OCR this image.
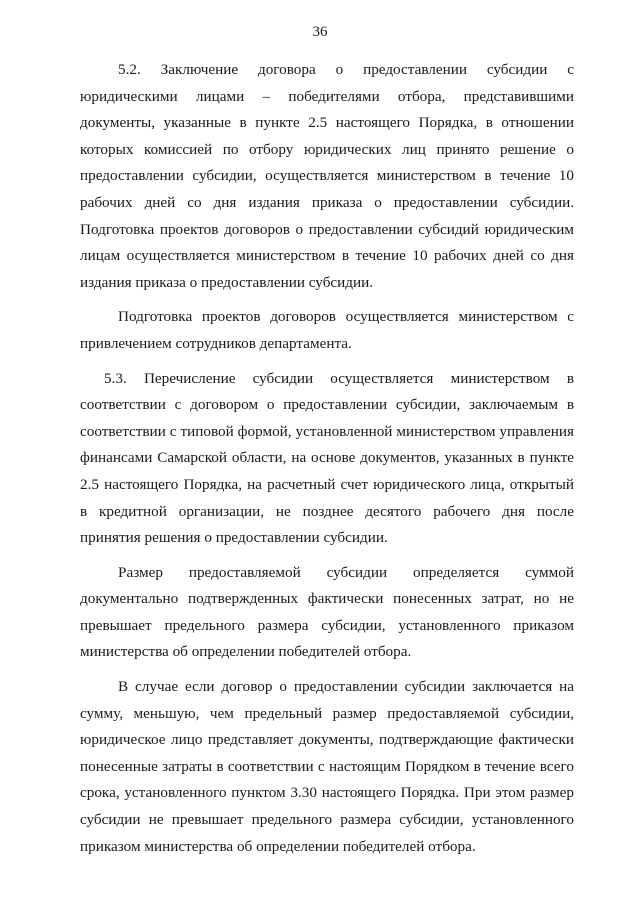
36

5.2. Заключение договора о предоставлении субсидии с юридическими лицами – победителями отбора, представившими документы, указанные в пункте 2.5 настоящего Порядка, в отношении которых комиссией по отбору юридических лиц принято решение о предоставлении субсидии, осуществляется министерством в течение 10 рабочих дней со дня издания приказа о предоставлении субсидии. Подготовка проектов договоров о предоставлении субсидий юридическим лицам осуществляется министерством в течение 10 рабочих дней со дня издания приказа о предоставлении субсидии.

Подготовка проектов договоров осуществляется министерством с привлечением сотрудников департамента.

5.3. Перечисление субсидии осуществляется министерством в соответствии с договором о предоставлении субсидии, заключаемым в соответствии с типовой формой, установленной министерством управления финансами Самарской области, на основе документов, указанных в пункте 2.5 настоящего Порядка, на расчетный счет юридического лица, открытый в кредитной организации, не позднее десятого рабочего дня после принятия решения о предоставлении субсидии.

Размер предоставляемой субсидии определяется суммой документально подтвержденных фактически понесенных затрат, но не превышает предельного размера субсидии, установленного приказом министерства об определении победителей отбора.

В случае если договор о предоставлении субсидии заключается на сумму, меньшую, чем предельный размер предоставляемой субсидии, юридическое лицо представляет документы, подтверждающие фактически понесенные затраты в соответствии с настоящим Порядком в течение всего срока, установленного пунктом 3.30 настоящего Порядка. При этом размер субсидии не превышает предельного размера субсидии, установленного приказом министерства об определении победителей отбора.
